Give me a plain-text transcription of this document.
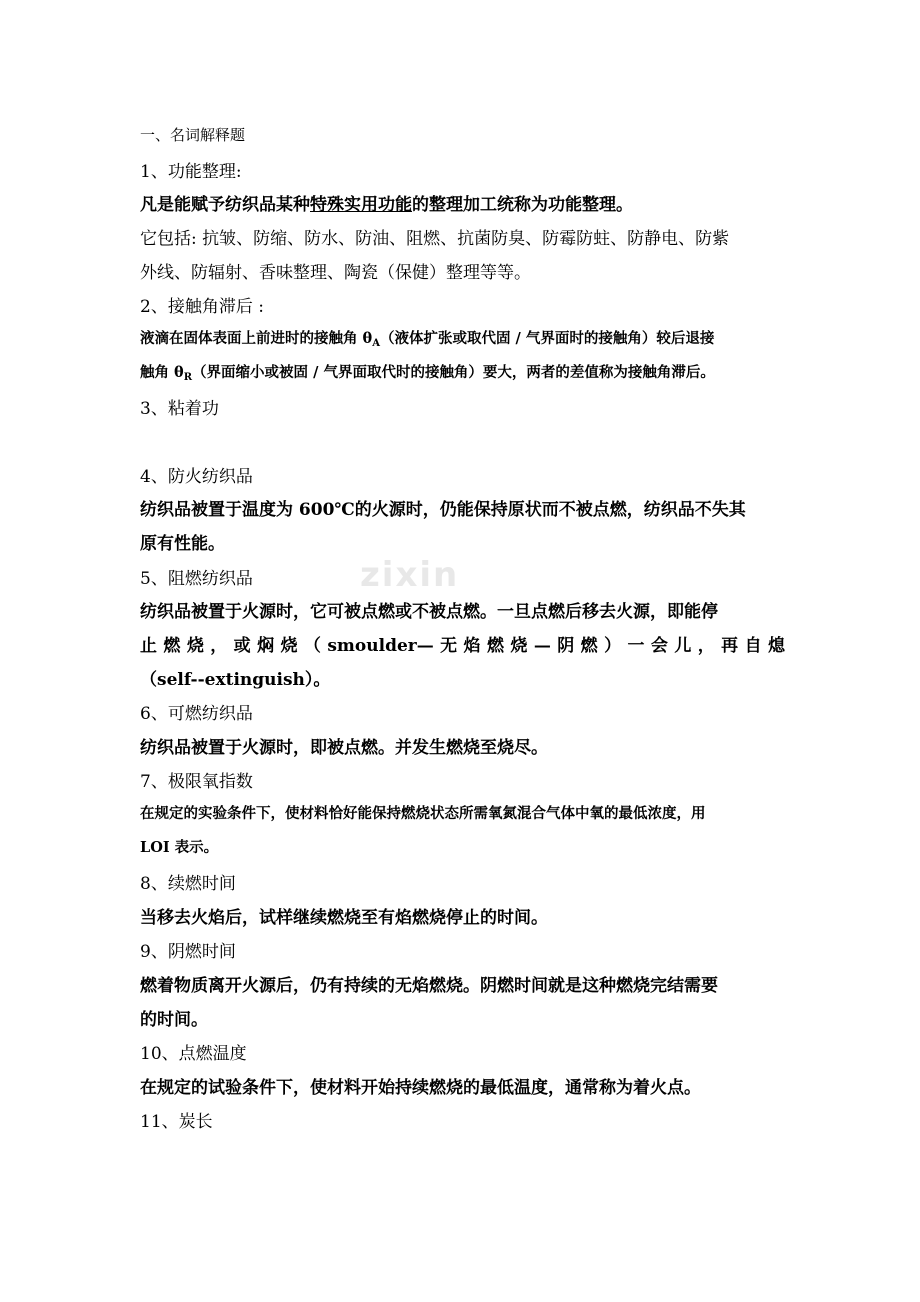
zixin
一、名词解释题
1、功能整理:
凡是能赋予纺织品某种特殊实用功能的整理加工统称为功能整理。
它包括: 抗皱、防缩、防水、防油、阻燃、抗菌防臭、防霉防蛀、防静电、防紫
外线、防辐射、香味整理、陶瓷（保健）整理等等。
2、接触角滞后 :
液滴在固体表面上前进时的接触角 $\theta_A$（液体扩张或取代固 / 气界面时的接触角）较后退接
触角 $\theta_R$（界面缩小或被固 / 气界面取代时的接触角）要大，两者的差值称为接触角滞后。
3、粘着功
4、防火纺织品
纺织品被置于温度为 600℃的火源时，仍能保持原状而不被点燃，纺织品不失其
原有性能。
5、阻燃纺织品
纺织品被置于火源时，它可被点燃或不被点燃。一旦点燃后移去火源，即能停
止燃烧，或焖烧（smoulder—无焰燃烧—阴燃）一会儿，再自熄
（self--extinguish）。
6、可燃纺织品
纺织品被置于火源时，即被点燃。并发生燃烧至烧尽。
7、极限氧指数
在规定的实验条件下，使材料恰好能保持燃烧状态所需氧氮混合气体中氧的最低浓度，用
LOI 表示。
8、续燃时间
当移去火焰后，试样继续燃烧至有焰燃烧停止的时间。
9、阴燃时间
燃着物质离开火源后，仍有持续的无焰燃烧。阴燃时间就是这种燃烧完结需要
的时间。
10、点燃温度
在规定的试验条件下，使材料开始持续燃烧的最低温度，通常称为着火点。
11、炭长
